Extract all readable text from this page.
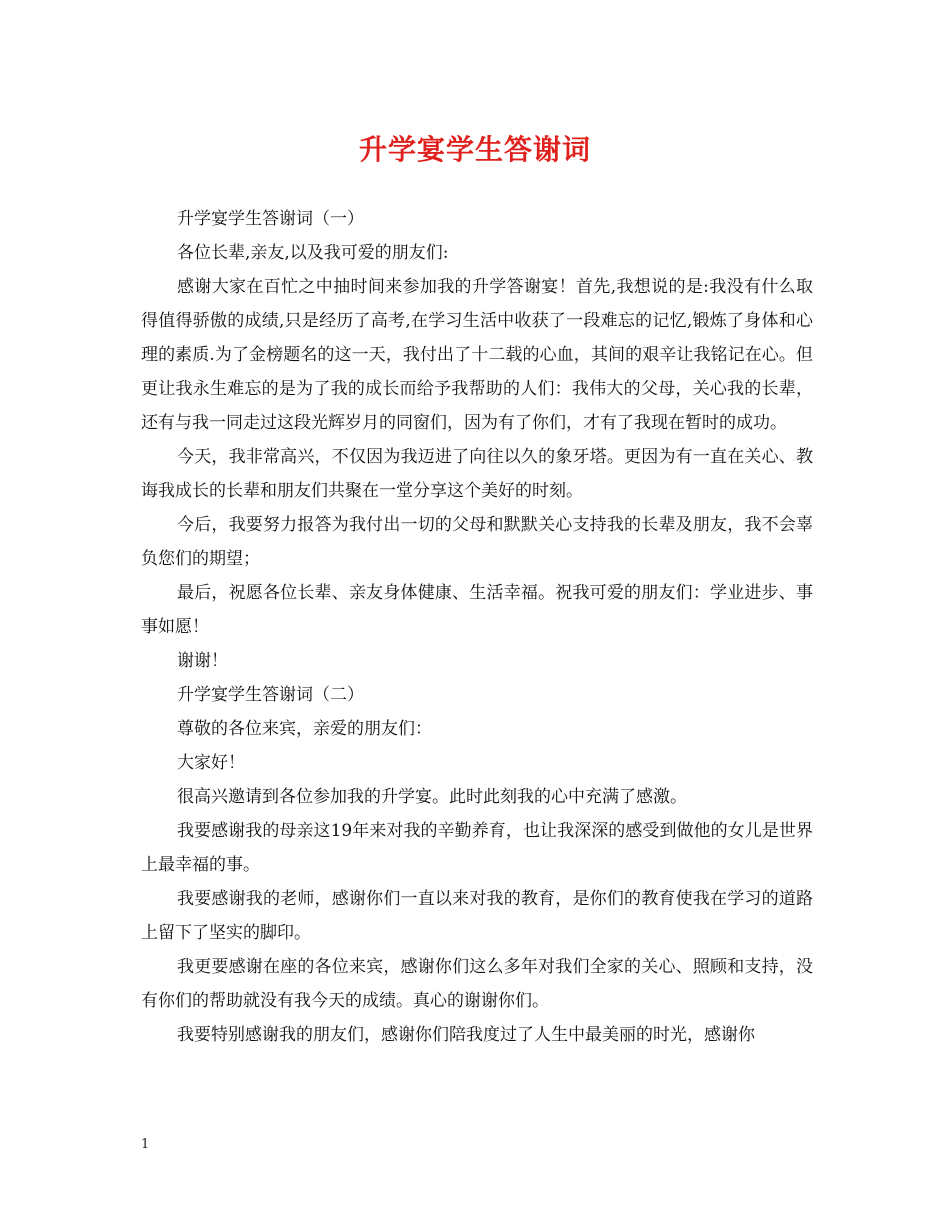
升学宴学生答谢词

升学宴学生答谢词（一）

各位长辈,亲友,以及我可爱的朋友们:

感谢大家在百忙之中抽时间来参加我的升学答谢宴！首先,我想说的是:我没有什么取得值得骄傲的成绩,只是经历了高考,在学习生活中收获了一段难忘的记忆,锻炼了身体和心理的素质.为了金榜题名的这一天，我付出了十二载的心血，其间的艰辛让我铭记在心。但更让我永生难忘的是为了我的成长而给予我帮助的人们：我伟大的父母，关心我的长辈，还有与我一同走过这段光辉岁月的同窗们，因为有了你们，才有了我现在暂时的成功。

今天，我非常高兴，不仅因为我迈进了向往以久的象牙塔。更因为有一直在关心、教诲我成长的长辈和朋友们共聚在一堂分享这个美好的时刻。

今后，我要努力报答为我付出一切的父母和默默关心支持我的长辈及朋友，我不会辜负您们的期望；

最后，祝愿各位长辈、亲友身体健康、生活幸福。祝我可爱的朋友们：学业进步、事事如愿！

谢谢！

升学宴学生答谢词（二）

尊敬的各位来宾，亲爱的朋友们：

大家好！

很高兴邀请到各位参加我的升学宴。此时此刻我的心中充满了感激。

我要感谢我的母亲这19年来对我的辛勤养育，也让我深深的感受到做他的女儿是世界上最幸福的事。

我要感谢我的老师，感谢你们一直以来对我的教育，是你们的教育使我在学习的道路上留下了坚实的脚印。

我更要感谢在座的各位来宾，感谢你们这么多年对我们全家的关心、照顾和支持，没有你们的帮助就没有我今天的成绩。真心的谢谢你们。

我要特别感谢我的朋友们，感谢你们陪我度过了人生中最美丽的时光，感谢你

1
